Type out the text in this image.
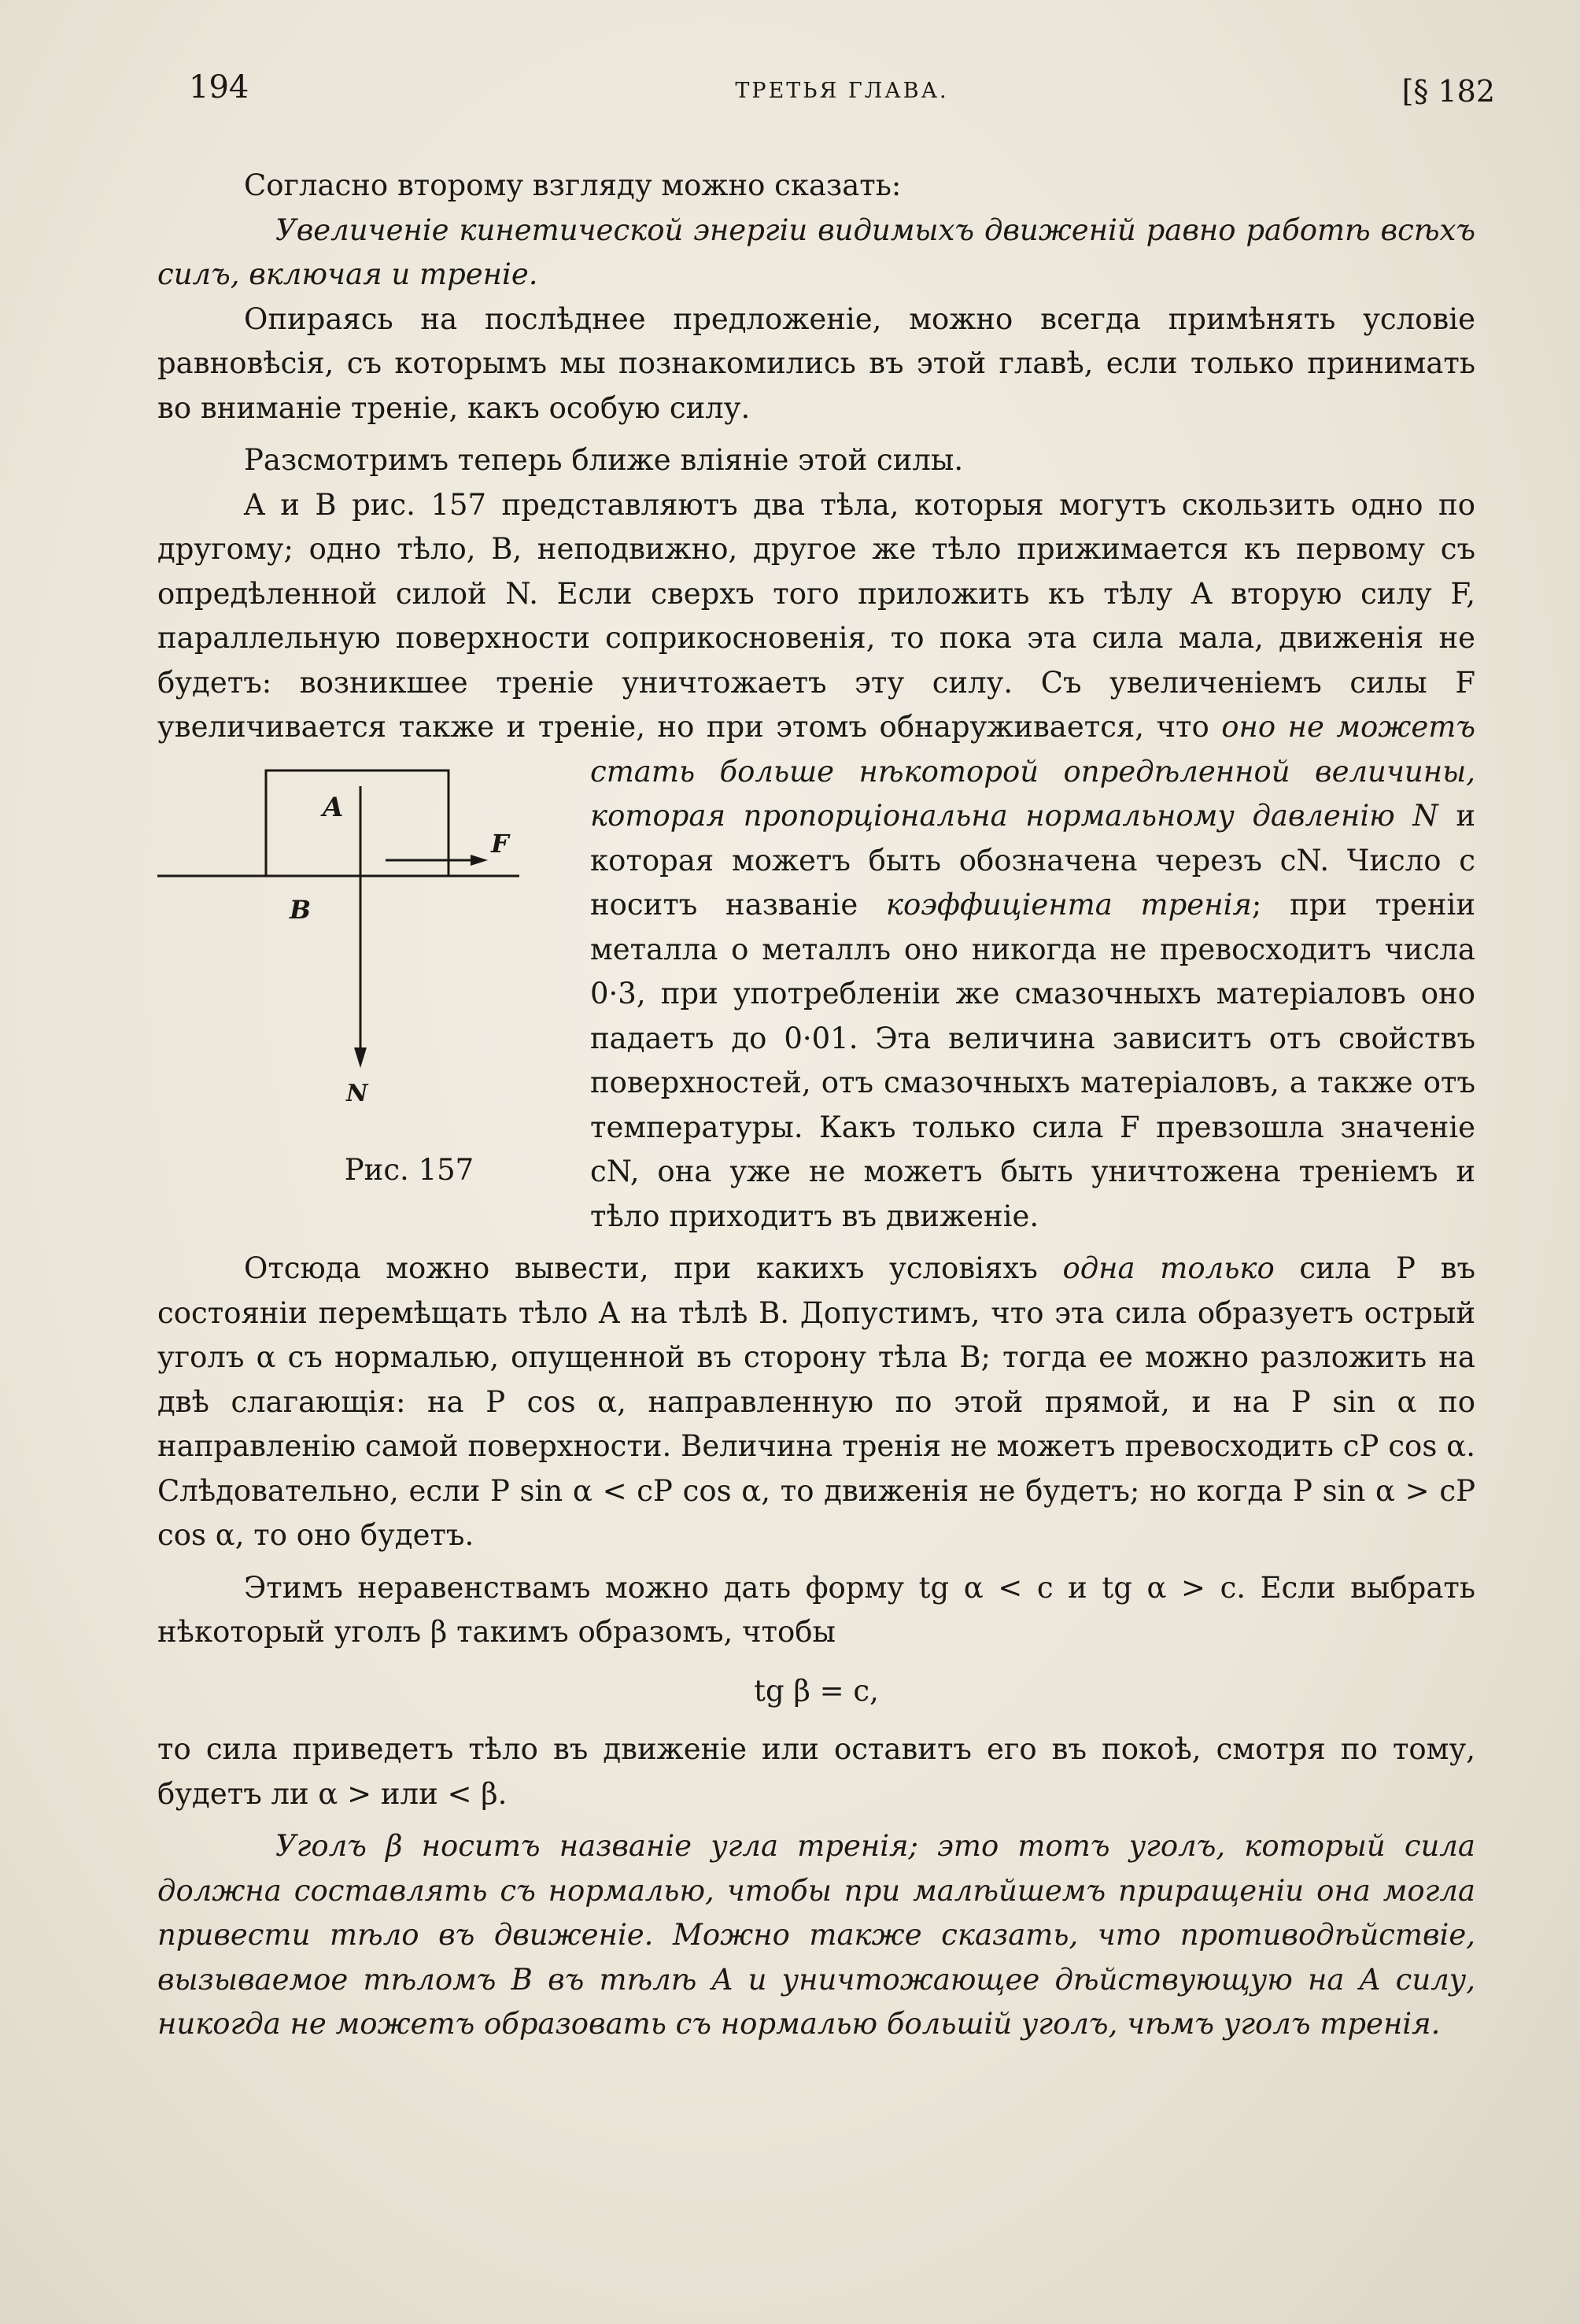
194	ТРЕТЬЯ ГЛАВА.	[§ 182

Согласно второму взгляду можно сказать:

Увеличеніе кинетической энергіи видимыхъ движеній равно работѣ всѣхъ силъ, включая и треніе.

Опираясь на послѣднее предложеніе, можно всегда примѣнять условіе равновѣсія, съ которымъ мы познакомились въ этой главѣ, если только принимать во вниманіе треніе, какъ особую силу.

Разсмотримъ теперь ближе вліяніе этой силы.

A и B рис. 157 представляютъ два тѣла, которыя могутъ скользить одно по другому; одно тѣло, B, неподвижно, другое же тѣло прижимается къ первому съ опредѣленной силой N. Если сверхъ того приложить къ тѣлу A вторую силу F, параллельную поверхности соприкосновенія, то пока эта сила мала, движенія не будетъ: возникшее треніе уничтожаетъ эту силу. Съ увеличеніемъ силы F увеличивается также и треніе, но при этомъ обнаруживается, что
A
B
F
N
Рис. 157
оно не можетъ стать больше нѣкоторой опредѣленной величины, которая пропорціональна нормальному давленію N и которая можетъ быть обозначена черезъ cN. Число c носитъ названіе коэффиціента тренія; при треніи металла о металлъ оно никогда не превосходитъ числа 0·3, при употребленіи же смазочныхъ матеріаловъ оно падаетъ до 0·01. Эта величина зависитъ отъ свойствъ поверхностей, отъ смазочныхъ матеріаловъ, а также отъ температуры. Какъ только сила F превзошла значеніе cN, она уже не можетъ быть уничтожена треніемъ и тѣло приходитъ въ движеніе.

Отсюда можно вывести, при какихъ условіяхъ одна только сила P въ состояніи перемѣщать тѣло A на тѣлѣ B. Допустимъ, что эта сила образуетъ острый уголъ α съ нормалью, опущенной въ сторону тѣла B; тогда ее можно разложить на двѣ слагающія: на P cos α, направленную по этой прямой, и на P sin α по направленію самой поверхности. Величина тренія не можетъ превосходить cP cos α. Слѣдовательно, если P sin α < cP cos α, то движенія не будетъ; но когда P sin α > cP cos α, то оно будетъ.

Этимъ неравенствамъ можно дать форму tg α < c и tg α > c. Если выбрать нѣкоторый уголъ β такимъ образомъ, чтобы

tg β = c,

то сила приведетъ тѣло въ движеніе или оставитъ его въ покоѣ, смотря по тому, будетъ ли α > или < β.

Уголъ β носитъ названіе угла тренія; это тотъ уголъ, который сила должна составлять съ нормалью, чтобы при малѣйшемъ приращеніи она могла привести тѣло въ движеніе. Можно также сказать, что противодѣйствіе, вызываемое тѣломъ B въ тѣлѣ A и уничтожающее дѣйствующую на A силу, никогда не можетъ образовать съ нормалью большій уголъ, чѣмъ уголъ тренія.
